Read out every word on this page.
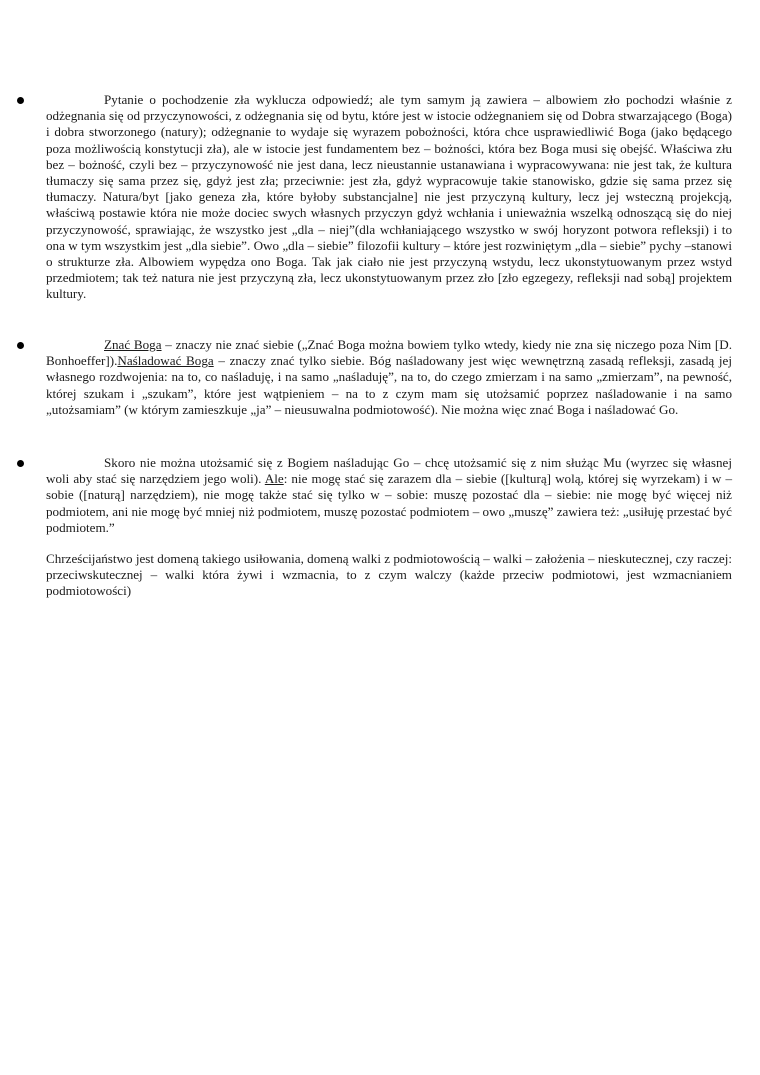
Pytanie o pochodzenie zła wyklucza odpowiedź; ale tym samym ją zawiera – albowiem zło pochodzi właśnie z odżegnania się od przyczynowości, z odżegnania się od bytu, które jest w istocie odżegnaniem się od Dobra stwarzającego (Boga) i dobra stworzonego (natury); odżegnanie to wydaje się wyrazem pobożności, która chce usprawiedliwić Boga (jako będącego poza możliwością konstytucji zła), ale w istocie jest fundamentem bez – bożności, która bez Boga musi się obejść. Właściwa złu bez – bożność, czyli bez – przyczynowość nie jest dana, lecz nieustannie ustanawiana i wypracowywana: nie jest tak, że kultura tłumaczy się sama przez się, gdyż jest zła; przeciwnie: jest zła, gdyż wypracowuje takie stanowisko, gdzie się sama przez się tłumaczy. Natura/byt [jako geneza zła, które byłoby substancjalne] nie jest przyczyną kultury, lecz jej wsteczną projekcją, właściwą postawie która nie może dociec swych własnych przyczyn gdyż wchłania i unieważnia wszelką odnoszącą się do niej przyczynowość, sprawiając, że wszystko jest „dla – niej”(dla wchłaniającego wszystko w swój horyzont potwora refleksji) i to ona w tym wszystkim jest „dla siebie”. Owo „dla – siebie” filozofii kultury – które jest rozwiniętym „dla – siebie” pychy –stanowi o strukturze zła. Albowiem wypędza ono Boga. Tak jak ciało nie jest przyczyną wstydu, lecz ukonstytuowanym przez wstyd przedmiotem; tak też natura nie jest przyczyną zła, lecz ukonstytuowanym przez zło [zło egzegezy, refleksji nad sobą] projektem kultury.

Znać Boga – znaczy nie znać siebie („Znać Boga można bowiem tylko wtedy, kiedy nie zna się niczego poza Nim [D. Bonhoeffer]).Naśladować Boga – znaczy znać tylko siebie. Bóg naśladowany jest więc wewnętrzną zasadą refleksji, zasadą jej własnego rozdwojenia: na to, co naśladuję, i na samo „naśladuję”, na to, do czego zmierzam i na samo „zmierzam”, na pewność, której szukam i „szukam”, które jest wątpieniem – na to z czym mam się utożsamić poprzez naśladowanie i na samo „utożsamiam” (w którym zamieszkuje „ja” – nieusuwalna podmiotowość). Nie można więc znać Boga i naśladować Go.

Skoro nie można utożsamić się z Bogiem naśladując Go – chcę utożsamić się z nim służąc Mu (wyrzec się własnej woli aby stać się narzędziem jego woli). Ale: nie mogę stać się zarazem dla – siebie ([kulturą] wolą, której się wyrzekam) i w – sobie ([naturą] narzędziem), nie mogę także stać się tylko w – sobie: muszę pozostać dla – siebie: nie mogę być więcej niż podmiotem, ani nie mogę być mniej niż podmiotem, muszę pozostać podmiotem – owo „muszę” zawiera też: „usiłuję przestać być podmiotem.”

Chrześcijaństwo jest domeną takiego usiłowania, domeną walki z podmiotowością – walki – założenia – nieskutecznej, czy raczej: przeciwskutecznej – walki która żywi i wzmacnia, to z czym walczy (każde przeciw podmiotowi, jest wzmacnianiem podmiotowości)
